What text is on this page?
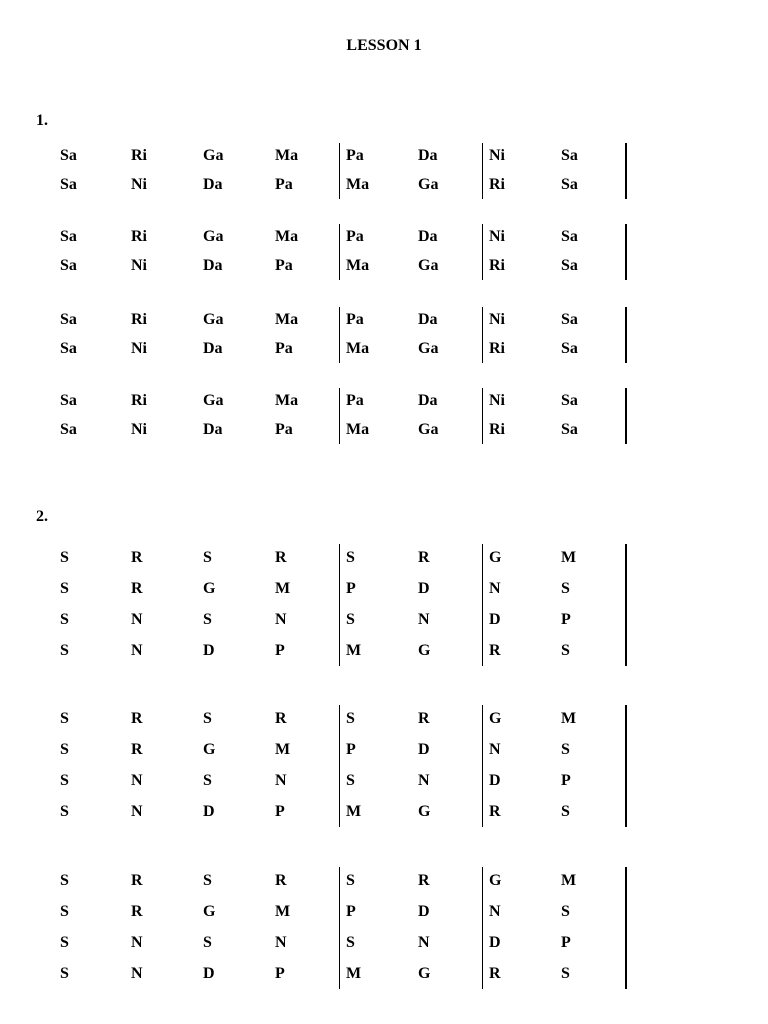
LESSON 1
1.
Sa	Ri	Ga	Ma	Pa	Da	Ni	Sa
Sa	Ni	Da	Pa	Ma	Ga	Ri	Sa
Sa	Ri	Ga	Ma	Pa	Da	Ni	Sa
Sa	Ni	Da	Pa	Ma	Ga	Ri	Sa
Sa	Ri	Ga	Ma	Pa	Da	Ni	Sa
Sa	Ni	Da	Pa	Ma	Ga	Ri	Sa
Sa	Ri	Ga	Ma	Pa	Da	Ni	Sa
Sa	Ni	Da	Pa	Ma	Ga	Ri	Sa
2.
S	R	S	R	S	R	G	M
S	R	G	M	P	D	N	S
S	N	S	N	S	N	D	P
S	N	D	P	M	G	R	S
S	R	S	R	S	R	G	M
S	R	G	M	P	D	N	S
S	N	S	N	S	N	D	P
S	N	D	P	M	G	R	S
S	R	S	R	S	R	G	M
S	R	G	M	P	D	N	S
S	N	S	N	S	N	D	P
S	N	D	P	M	G	R	S
